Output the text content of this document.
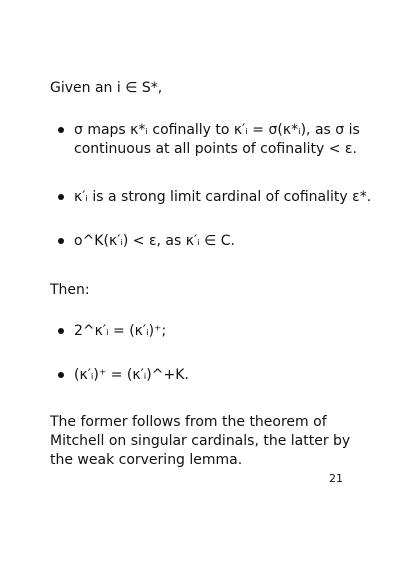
Given an i ∈ S*,
σ maps κ*ᵢ cofinally to κ′ᵢ = σ(κ*ᵢ), as σ is continuous at all points of cofinality < ε.
κ′ᵢ is a strong limit cardinal of cofinality ε*.
o^K(κ′ᵢ) < ε, as κ′ᵢ ∈ C.
Then:
2^κ′ᵢ = (κ′ᵢ)⁺;
(κ′ᵢ)⁺ = (κ′ᵢ)^+K.
The former follows from the theorem of Mitchell on singular cardinals, the latter by the weak corvering lemma.
21
